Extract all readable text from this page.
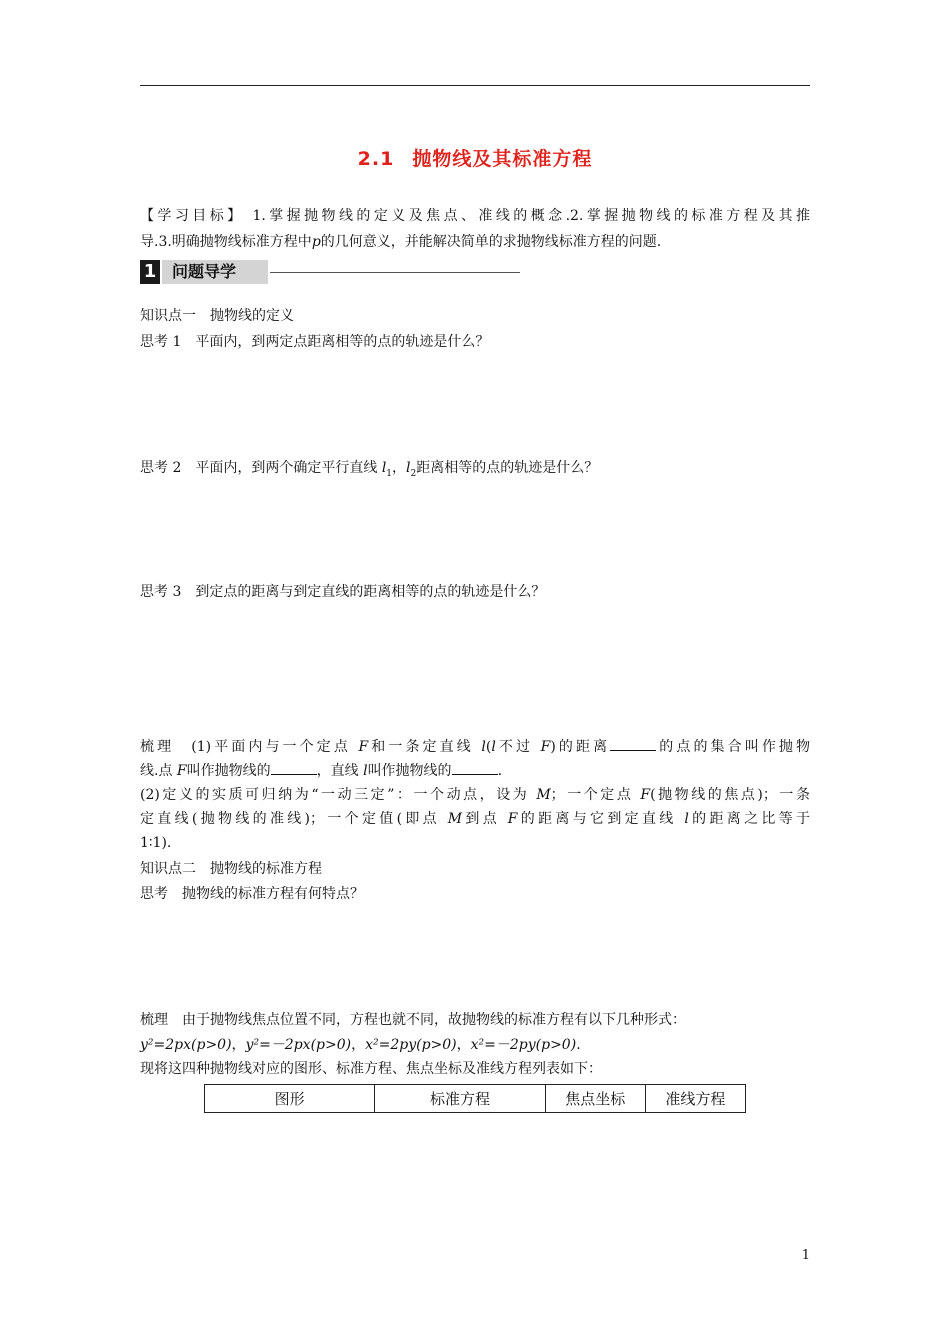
2.1 抛物线及其标准方程
【学习目标】 1.掌握抛物线的定义及焦点、准线的概念.2.掌握抛物线的标准方程及其推
导.3.明确抛物线标准方程中p的几何意义，并能解决简单的求抛物线标准方程的问题.
1 问题导学
知识点一　抛物线的定义
思考 1　平面内，到两定点距离相等的点的轨迹是什么？
思考 2　平面内，到两个确定平行直线 $l_1$，$l_2$距离相等的点的轨迹是什么？
思考 3　到定点的距离与到定直线的距离相等的点的轨迹是什么？
梳理　(1)平面内与一个定点 F和一条定直线 l(l不过 F)的距离	的点的集合叫作抛物
线.点 F叫作抛物线的	，直线 l叫作抛物线的	.
(2)定义的实质可归纳为“一动三定”：一个动点，设为 M；一个定点 F(抛物线的焦点)；一条
定直线(抛物线的准线)；一个定值(即点 M到点 F的距离与它到定直线 l的距离之比等于
1∶1).
知识点二　抛物线的标准方程
思考　抛物线的标准方程有何特点？
梳理　由于抛物线焦点位置不同，方程也就不同，故抛物线的标准方程有以下几种形式：
y²=2px(p>0)，y²=－2px(p>0)，x²=2py(p>0)，x²=－2py(p>0).
现将这四种抛物线对应的图形、标准方程、焦点坐标及准线方程列表如下：
图形	标准方程	焦点坐标	准线方程
1
